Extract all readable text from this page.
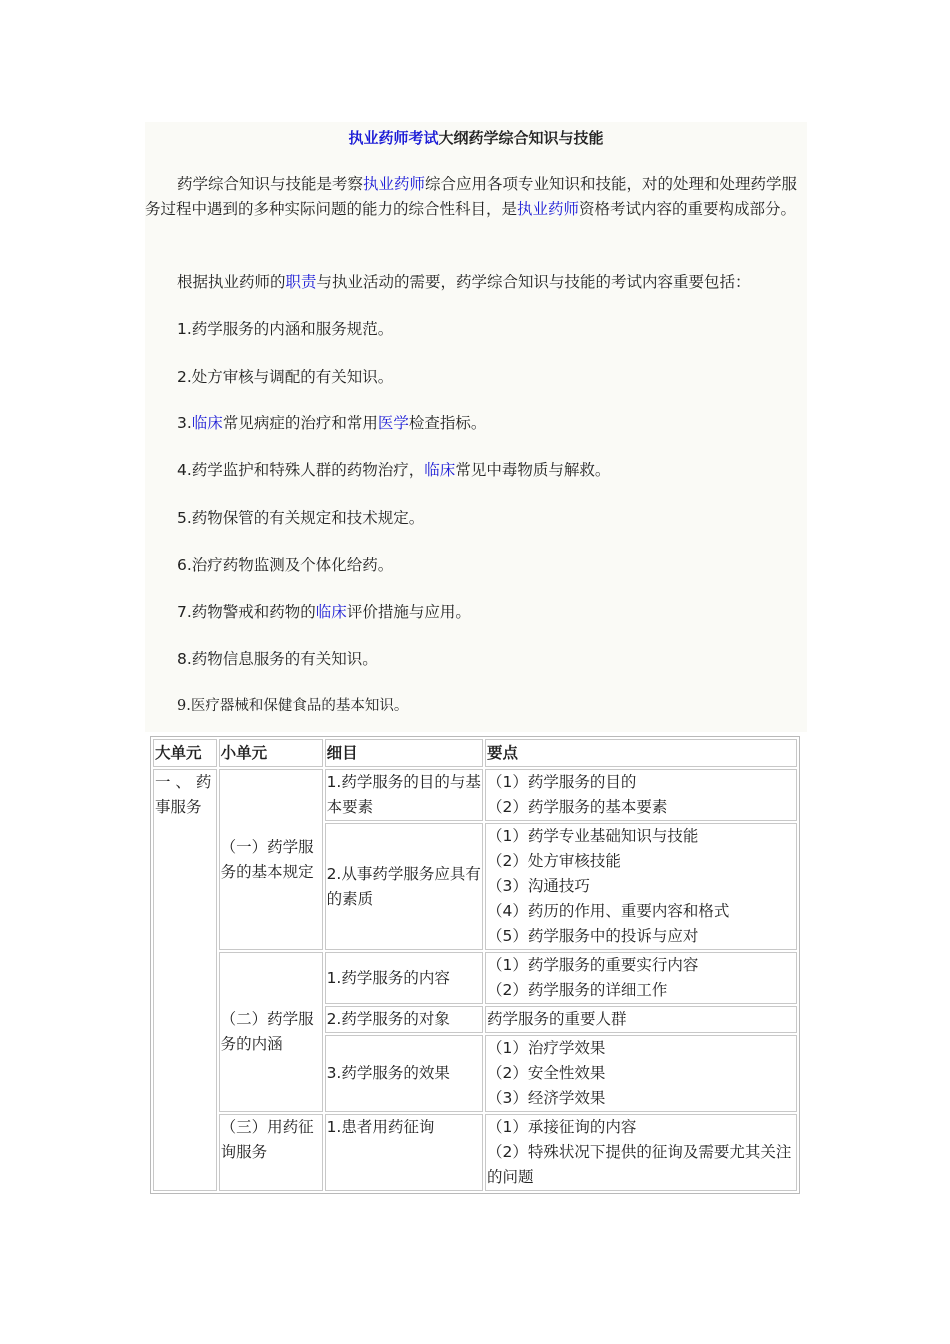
执业药师考试大纲药学综合知识与技能
药学综合知识与技能是考察执业药师综合应用各项专业知识和技能，对的处理和处理药学服务过程中遇到的多种实际问题的能力的综合性科目，是执业药师资格考试内容的重要构成部分。
根据执业药师的职责与执业活动的需要，药学综合知识与技能的考试内容重要包括：
1.药学服务的内涵和服务规范。
2.处方审核与调配的有关知识。
3.临床常见病症的治疗和常用医学检查指标。
4.药学监护和特殊人群的药物治疗，临床常见中毒物质与解救。
5.药物保管的有关规定和技术规定。
6.治疗药物监测及个体化给药。
7.药物警戒和药物的临床评价措施与应用。
8.药物信息服务的有关知识。
9.医疗器械和保健食品的基本知识。
大单元	小单元	细目	要点
一 、 药事服务	（一）药学服务的基本规定	1.药学服务的目的与基本要素	（1）药学服务的目的
（2）药学服务的基本要素

		2.从事药学服务应具有的素质	（1）药学专业基础知识与技能
（2）处方审核技能
（3）沟通技巧
（4）药历的作用、重要内容和格式
（5）药学服务中的投诉与应对

	（二）药学服务的内涵	1.药学服务的内容	（1）药学服务的重要实行内容
（2）药学服务的详细工作

		2.药学服务的对象	药学服务的重要人群

		3.药学服务的效果	（1）治疗学效果
（2）安全性效果
（3）经济学效果

	（三）用药征询服务	1.患者用药征询	（1）承接征询的内容
（2）特殊状况下提供的征询及需要尤其关注的问题
